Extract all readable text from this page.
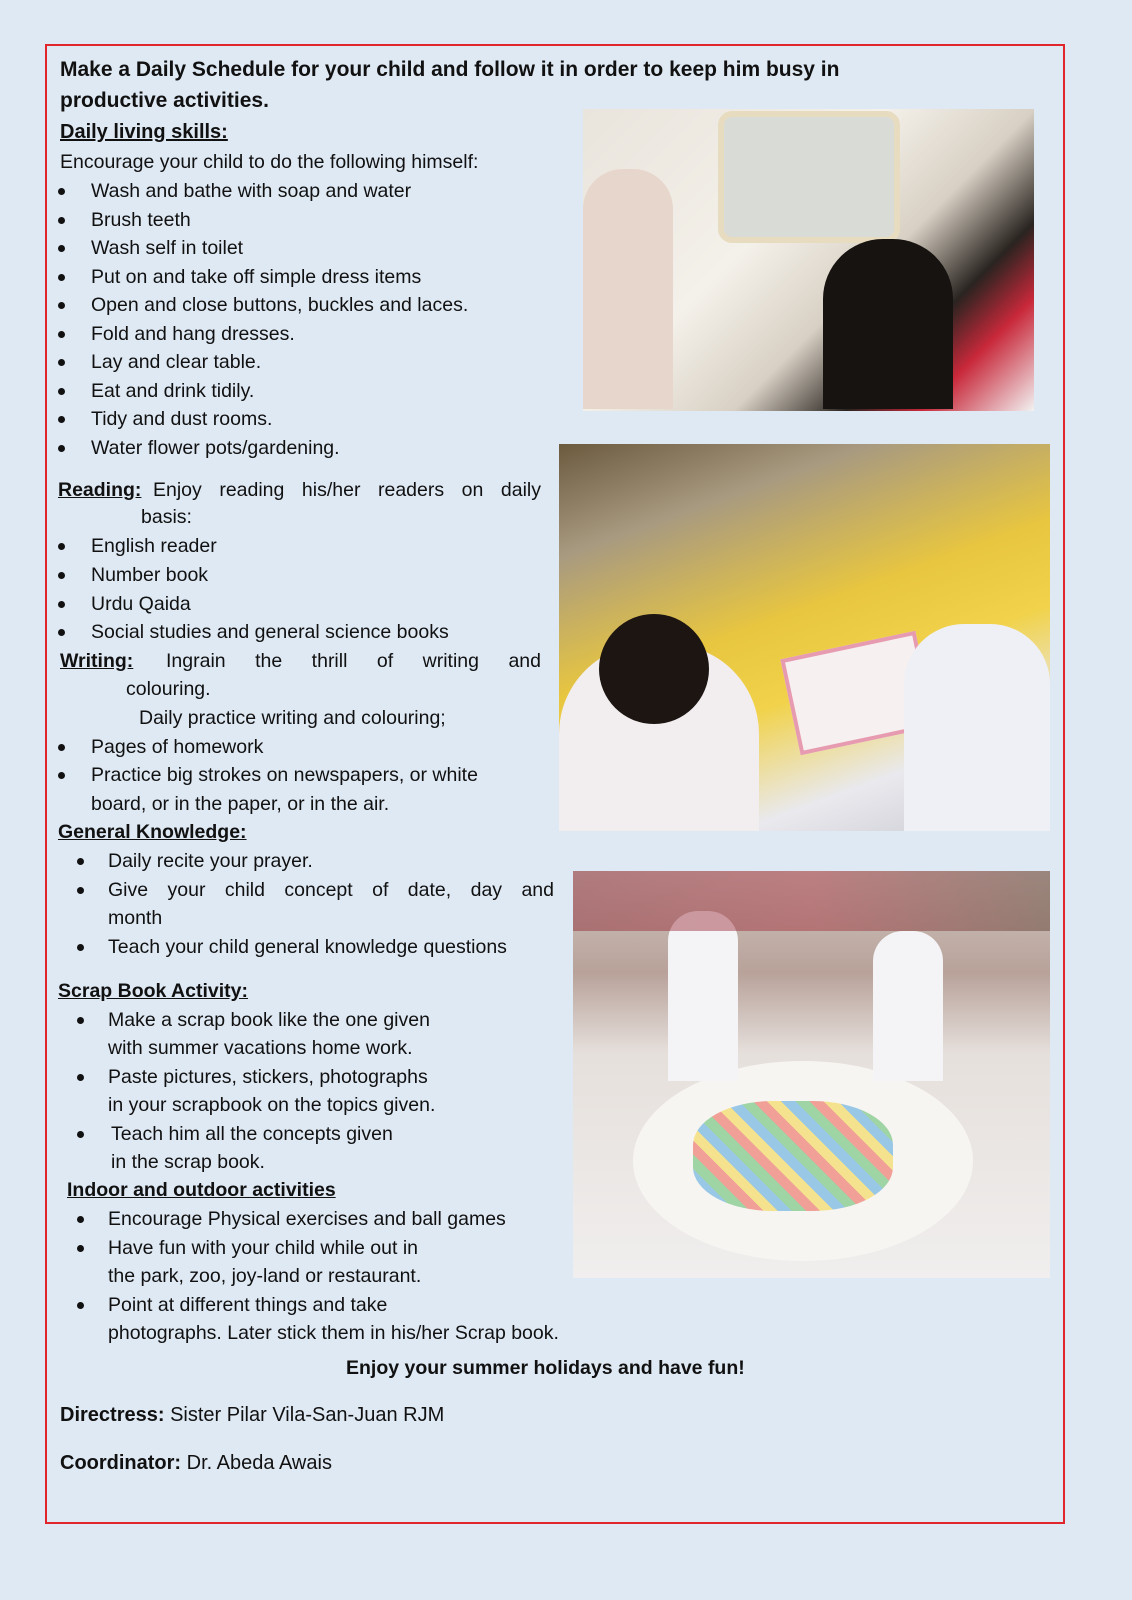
Make a Daily Schedule for your child and follow it in order to keep him busy in
productive activities.
Daily living skills:
Encourage your child to do the following himself:
Wash and bathe with soap and water
Brush teeth
Wash self in toilet
Put on and take off simple dress items
Open and close buttons, buckles and laces.
Fold and hang dresses.
Lay and clear table.
Eat and drink tidily.
Tidy and dust rooms.
Water flower pots/gardening.
Reading: Enjoy reading his/her readers on daily
basis:
English reader
Number book
Urdu Qaida
Social studies and general science books
Writing: Ingrain the thrill of writing and
colouring.
Daily practice writing and colouring;
Pages of homework
Practice big strokes on newspapers, or white
board, or in the paper, or in the air.
General Knowledge:
Daily recite your prayer.
Give your child concept of date, day and
month
Teach your child general knowledge questions
Scrap Book Activity:
Make a scrap book like the one given
with summer vacations home work.
Paste pictures, stickers, photographs
in your scrapbook on the topics given.
Teach him all the concepts given
in the scrap book.
Indoor and outdoor activities
Encourage Physical exercises and ball games
Have fun with your child while out in
the park, zoo, joy-land or restaurant.
Point at different things and take
photographs. Later stick them in his/her Scrap book.
Enjoy your summer holidays and have fun!
Directress: Sister Pilar Vila-San-Juan RJM
Coordinator: Dr. Abeda Awais
